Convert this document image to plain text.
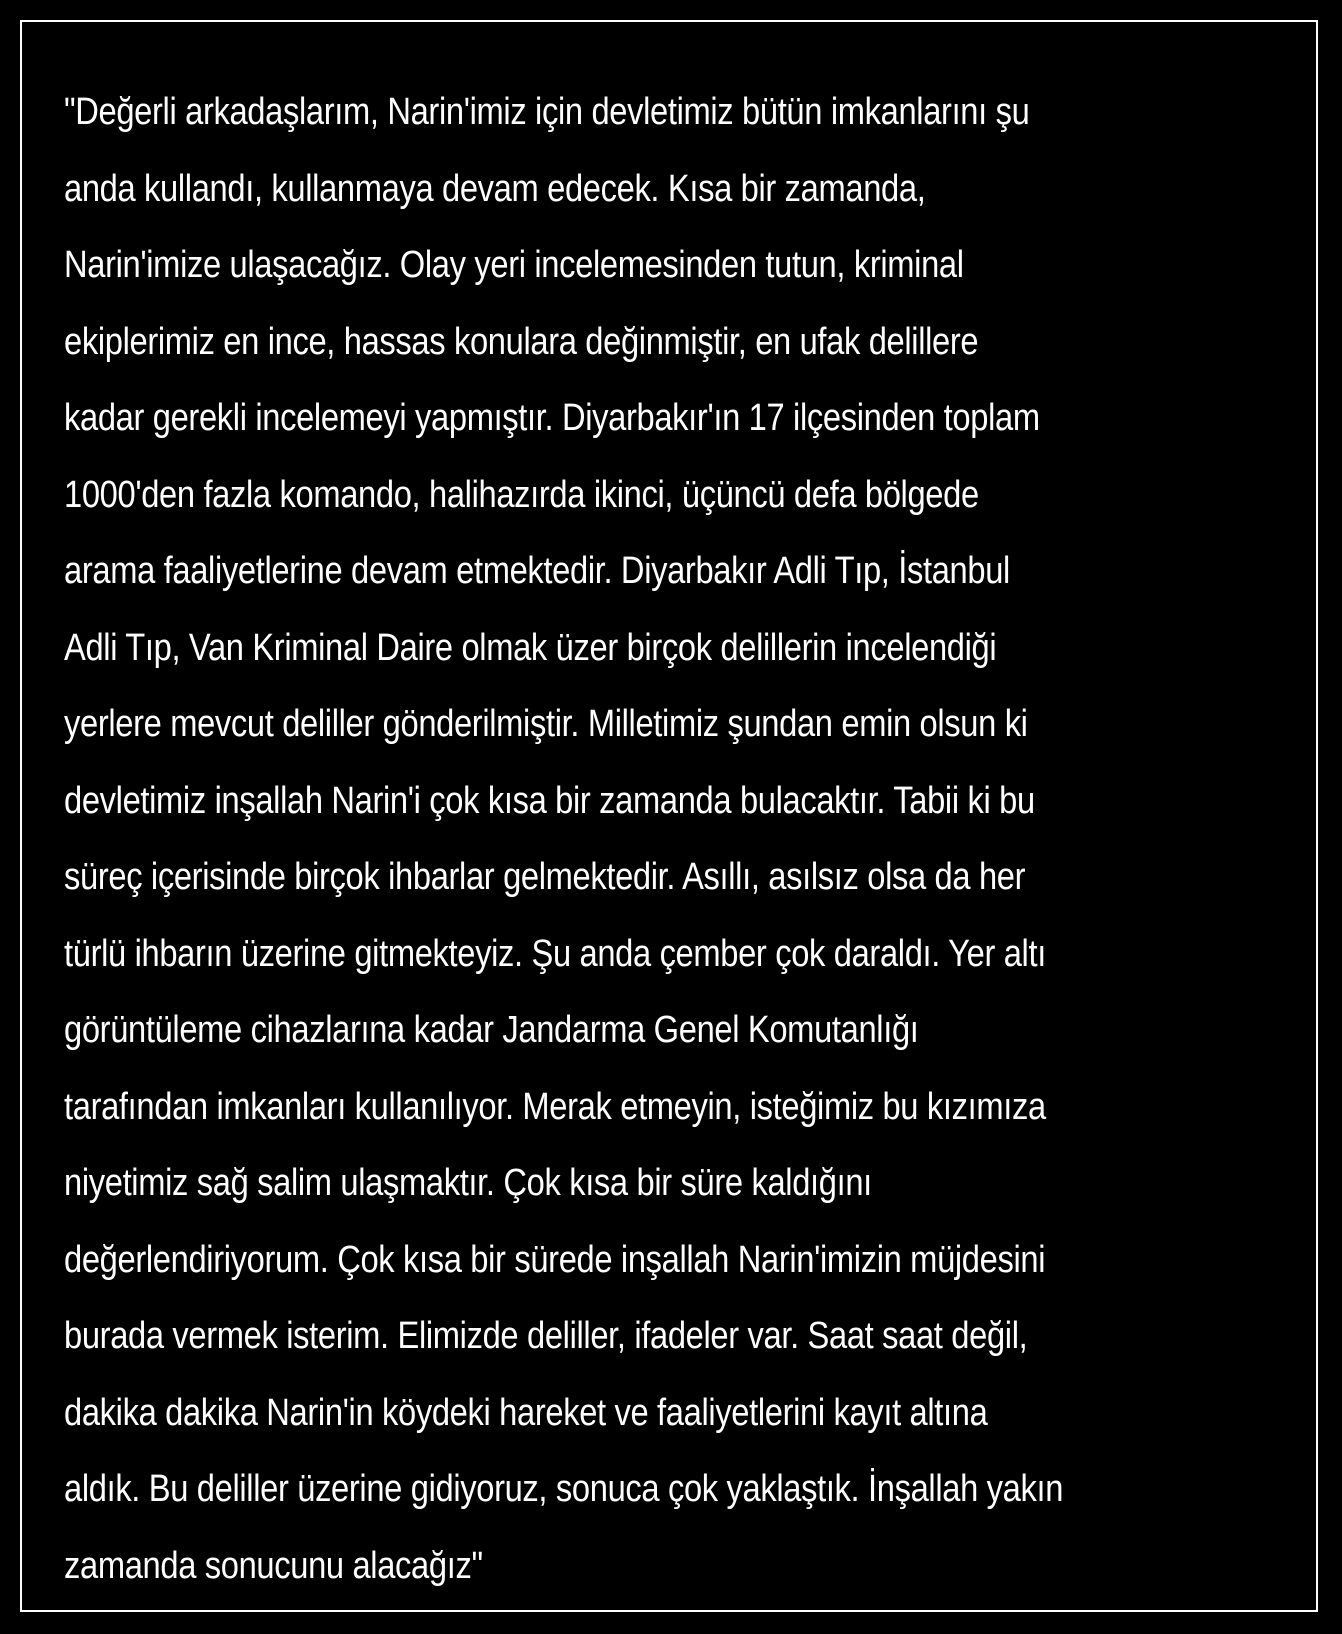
"Değerli arkadaşlarım, Narin'imiz için devletimiz bütün imkanlarını şu
anda kullandı, kullanmaya devam edecek. Kısa bir zamanda,
Narin'imize ulaşacağız. Olay yeri incelemesinden tutun, kriminal
ekiplerimiz en ince, hassas konulara değinmiştir, en ufak delillere
kadar gerekli incelemeyi yapmıştır. Diyarbakır'ın 17 ilçesinden toplam
1000'den fazla komando, halihazırda ikinci, üçüncü defa bölgede
arama faaliyetlerine devam etmektedir. Diyarbakır Adli Tıp, İstanbul
Adli Tıp, Van Kriminal Daire olmak üzer birçok delillerin incelendiği
yerlere mevcut deliller gönderilmiştir. Milletimiz şundan emin olsun ki
devletimiz inşallah Narin'i çok kısa bir zamanda bulacaktır. Tabii ki bu
süreç içerisinde birçok ihbarlar gelmektedir. Asıllı, asılsız olsa da her
türlü ihbarın üzerine gitmekteyiz. Şu anda çember çok daraldı. Yer altı
görüntüleme cihazlarına kadar Jandarma Genel Komutanlığı
tarafından imkanları kullanılıyor. Merak etmeyin, isteğimiz bu kızımıza
niyetimiz sağ salim ulaşmaktır. Çok kısa bir süre kaldığını
değerlendiriyorum. Çok kısa bir sürede inşallah Narin'imizin müjdesini
burada vermek isterim. Elimizde deliller, ifadeler var. Saat saat değil,
dakika dakika Narin'in köydeki hareket ve faaliyetlerini kayıt altına
aldık. Bu deliller üzerine gidiyoruz, sonuca çok yaklaştık. İnşallah yakın
zamanda sonucunu alacağız"
